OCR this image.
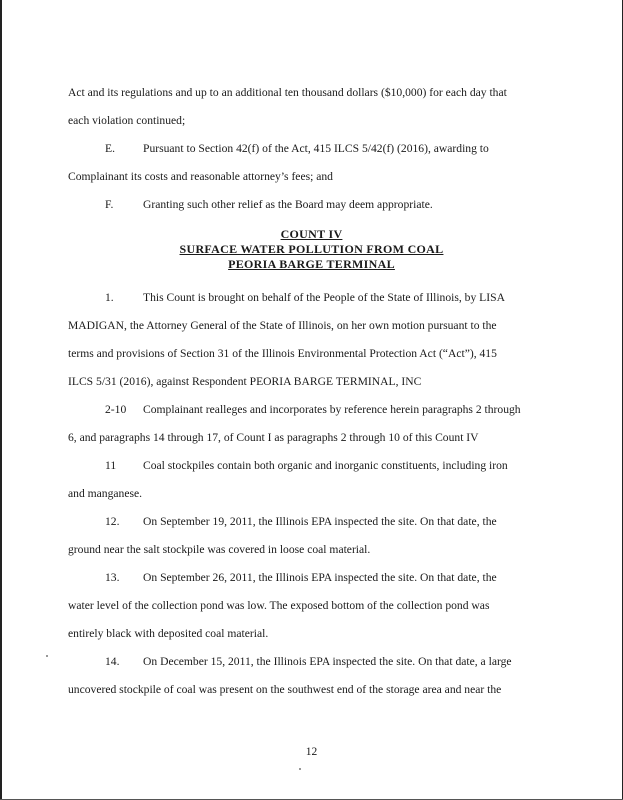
Act and its regulations and up to an additional ten thousand dollars ($10,000) for each day that
each violation continued;
E. Pursuant to Section 42(f) of the Act, 415 ILCS 5/42(f) (2016), awarding to
Complainant its costs and reasonable attorney’s fees; and
F.	Granting such other relief as the Board may deem appropriate.
COUNT IV
SURFACE WATER POLLUTION FROM COAL
PEORIA BARGE TERMINAL
1.	This Count is brought on behalf of the People of the State of Illinois, by LISA
MADIGAN, the Attorney General of the State of Illinois, on her own motion pursuant to the
terms and provisions of Section 31 of the Illinois Environmental Protection Act (“Act”), 415
ILCS 5/31 (2016), against Respondent PEORIA BARGE TERMINAL, INC
2-10 Complainant realleges and incorporates by reference herein paragraphs 2 through
6, and paragraphs 14 through 17, of Count I as paragraphs 2 through 10 of this Count IV
11 Coal stockpiles contain both organic and inorganic constituents, including iron
and manganese.
12. On September 19, 2011, the Illinois EPA inspected the site. On that date, the
ground near the salt stockpile was covered in loose coal material.
13. On September 26, 2011, the Illinois EPA inspected the site. On that date, the
water level of the collection pond was low. The exposed bottom of the collection pond was
entirely black with deposited coal material.
14. On December 15, 2011, the Illinois EPA inspected the site. On that date, a large
uncovered stockpile of coal was present on the southwest end of the storage area and near the
12
